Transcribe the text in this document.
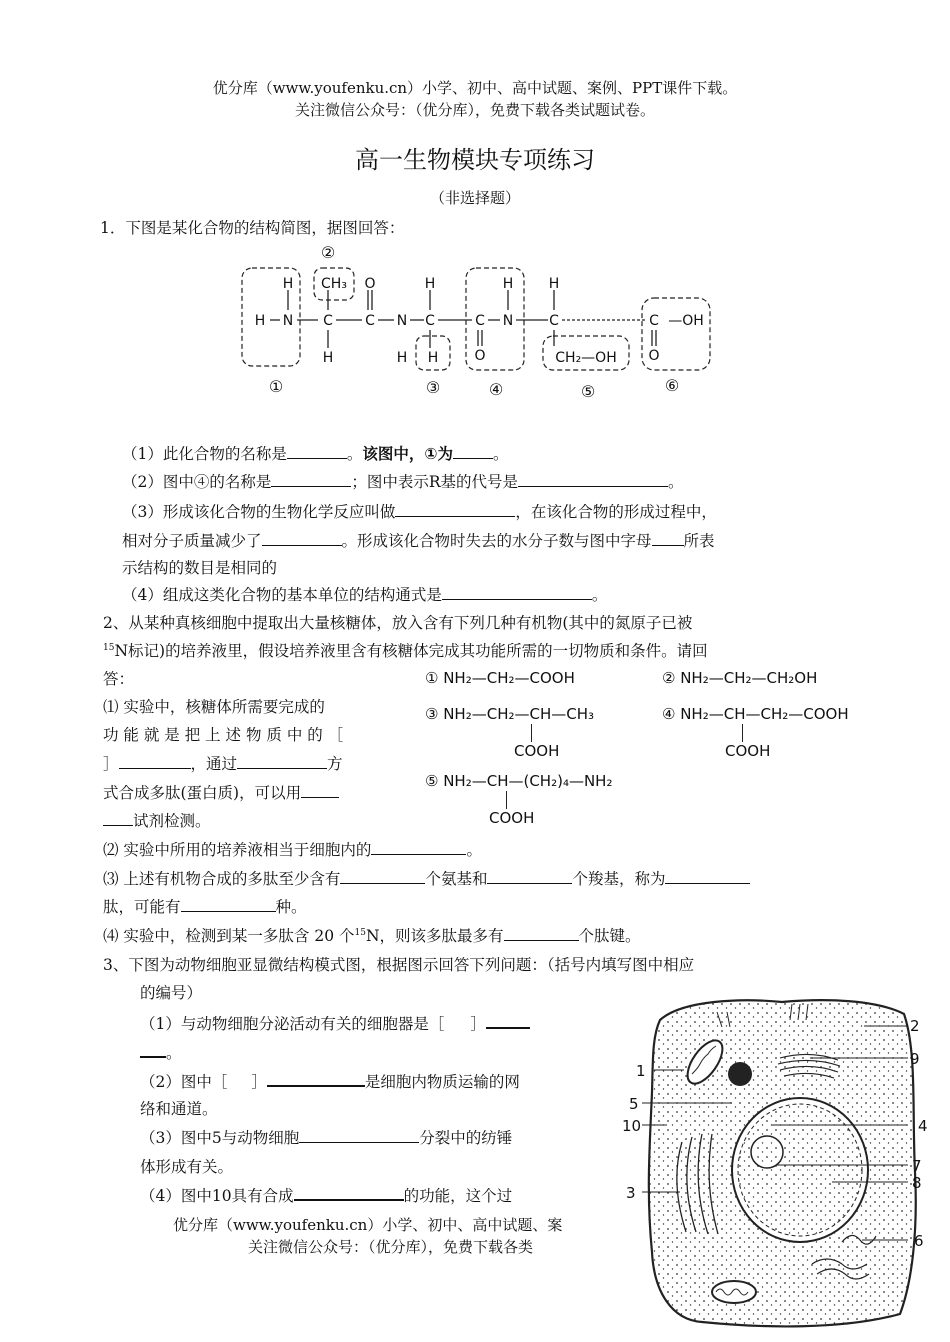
优分库（www.youfenku.cn）小学、初中、高中试题、案例、PPT课件下载。
关注微信公众号：（优分库），免费下载各类试题试卷。
高一生物模块专项练习
（非选择题）
1．下图是某化合物的结构简图，据图回答：
H
H N
CH₃
C
H
O
C N
H
H
C
H
C
O
H
N
H
C
CH₂—OH
C —OH
O
①
②
③	④	⑤	⑥
（1）此化合物的名称是	。该图中，①为	。
（2）图中④的名称是	；图中表示R基的代号是	。
（3）形成该化合物的生物化学反应叫做	，在该化合物的形成过程中，
相对分子质量减少了	。形成该化合物时失去的水分子数与图中字母 所表
示结构的数目是相同的
（4）组成这类化合物的基本单位的结构通式是	。
2、从某种真核细胞中提取出大量核糖体，放入含有下列几种有机物(其中的氮原子已被
$^{15}$N标记)的培养液里，假设培养液里含有核糖体完成其功能所需的一切物质和条件。请回
答：
⑴ 实验中，核糖体所需要完成的
功 能 就 是 把 上 述 物 质 中 的 ［
］	，通过	方
式合成多肽(蛋白质)，可以用
试剂检测。
① NH₂—CH₂—COOH	② NH₂—CH₂—CH₂OH
③ NH₂—CH₂—CH—CH₃
COOH
④ NH₂—CH—CH₂—COOH
COOH
⑤ NH₂—CH—(CH₂)₄—NH₂
COOH
⑵ 实验中所用的培养液相当于细胞内的	。
⑶ 上述有机物合成的多肽至少含有	个氨基和	个羧基，称为
肽，可能有	种。
⑷ 实验中，检测到某一多肽含 20 个$^{15}$N，则该多肽最多有	个肽键。
3、下图为动物细胞亚显微结构模式图，根据图示回答下列问题：（括号内填写图中相应
的编号）
（1）与动物细胞分泌活动有关的细胞器是［ ］
。
（2）图中［ ］	是细胞内物质运输的网
络和通道。
（3）图中5与动物细胞	分裂中的纺锤
体形成有关。
（4）图中10具有合成	的功能，这个过
优分库（www.youfenku.cn）小学、初中、高中试题、案
关注微信公众号：（优分库），免费下载各类
1
2
3
4
5
6
7
8
9
10
